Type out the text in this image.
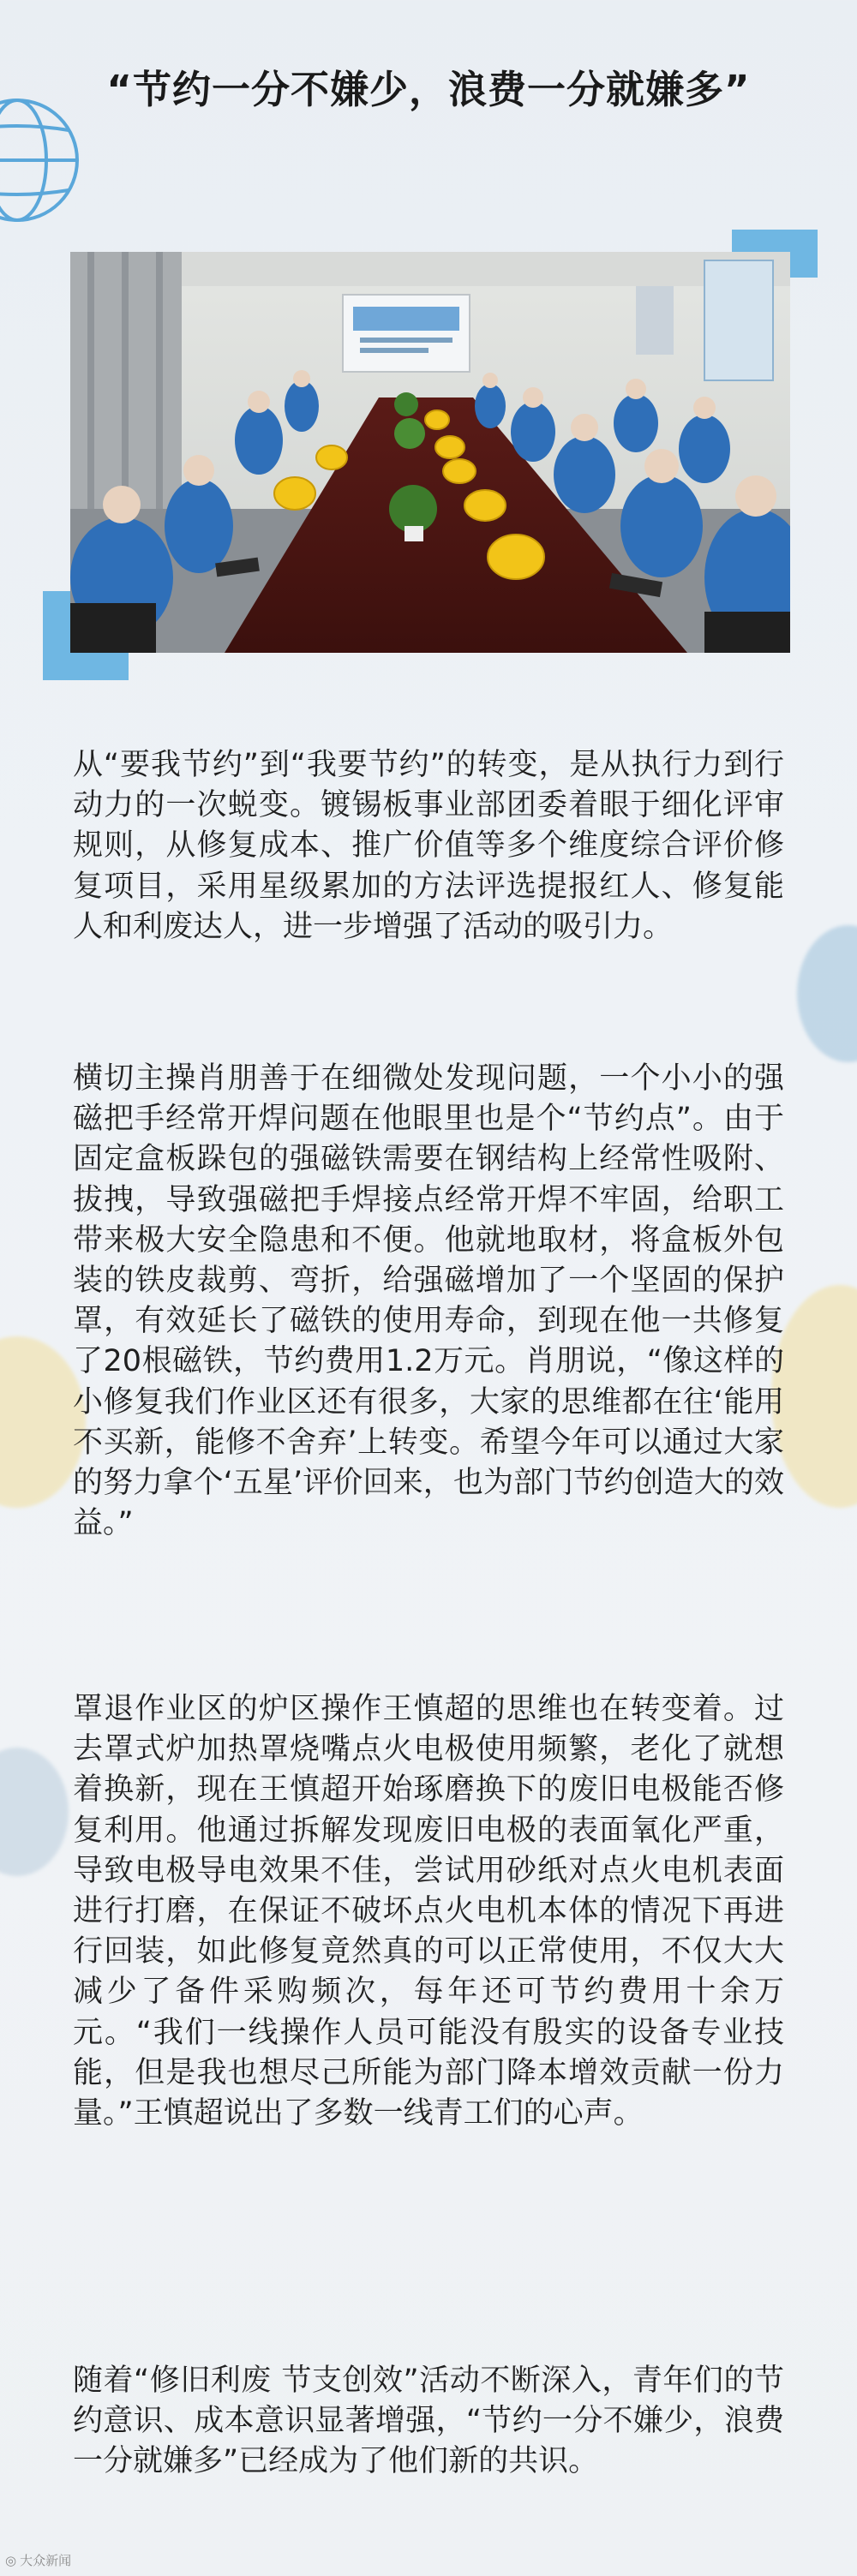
“节约一分不嫌少，浪费一分就嫌多”

从“要我节约”到“我要节约”的转变，是从执行力到行动力的一次蜕变。镀锡板事业部团委着眼于细化评审规则，从修复成本、推广价值等多个维度综合评价修复项目，采用星级累加的方法评选提报红人、修复能人和利废达人，进一步增强了活动的吸引力。

横切主操肖朋善于在细微处发现问题，一个小小的强磁把手经常开焊问题在他眼里也是个“节约点”。由于固定盒板跺包的强磁铁需要在钢结构上经常性吸附、拔拽，导致强磁把手焊接点经常开焊不牢固，给职工带来极大安全隐患和不便。他就地取材，将盒板外包装的铁皮裁剪、弯折，给强磁增加了一个坚固的保护罩，有效延长了磁铁的使用寿命，到现在他一共修复了20根磁铁，节约费用1.2万元。肖朋说，“像这样的小修复我们作业区还有很多，大家的思维都在往‘能用不买新，能修不舍弃’上转变。希望今年可以通过大家的努力拿个‘五星’评价回来，也为部门节约创造大的效益。”

罩退作业区的炉区操作王慎超的思维也在转变着。过去罩式炉加热罩烧嘴点火电极使用频繁，老化了就想着换新，现在王慎超开始琢磨换下的废旧电极能否修复利用。他通过拆解发现废旧电极的表面氧化严重，导致电极导电效果不佳，尝试用砂纸对点火电机表面进行打磨，在保证不破坏点火电机本体的情况下再进行回装，如此修复竟然真的可以正常使用，不仅大大减少了备件采购频次，每年还可节约费用十余万元。“我们一线操作人员可能没有殷实的设备专业技能，但是我也想尽己所能为部门降本增效贡献一份力量。”王慎超说出了多数一线青工们的心声。

随着“修旧利废 节支创效”活动不断深入，青年们的节约意识、成本意识显著增强，“节约一分不嫌少，浪费一分就嫌多”已经成为了他们新的共识。

◎ 大众新闻
